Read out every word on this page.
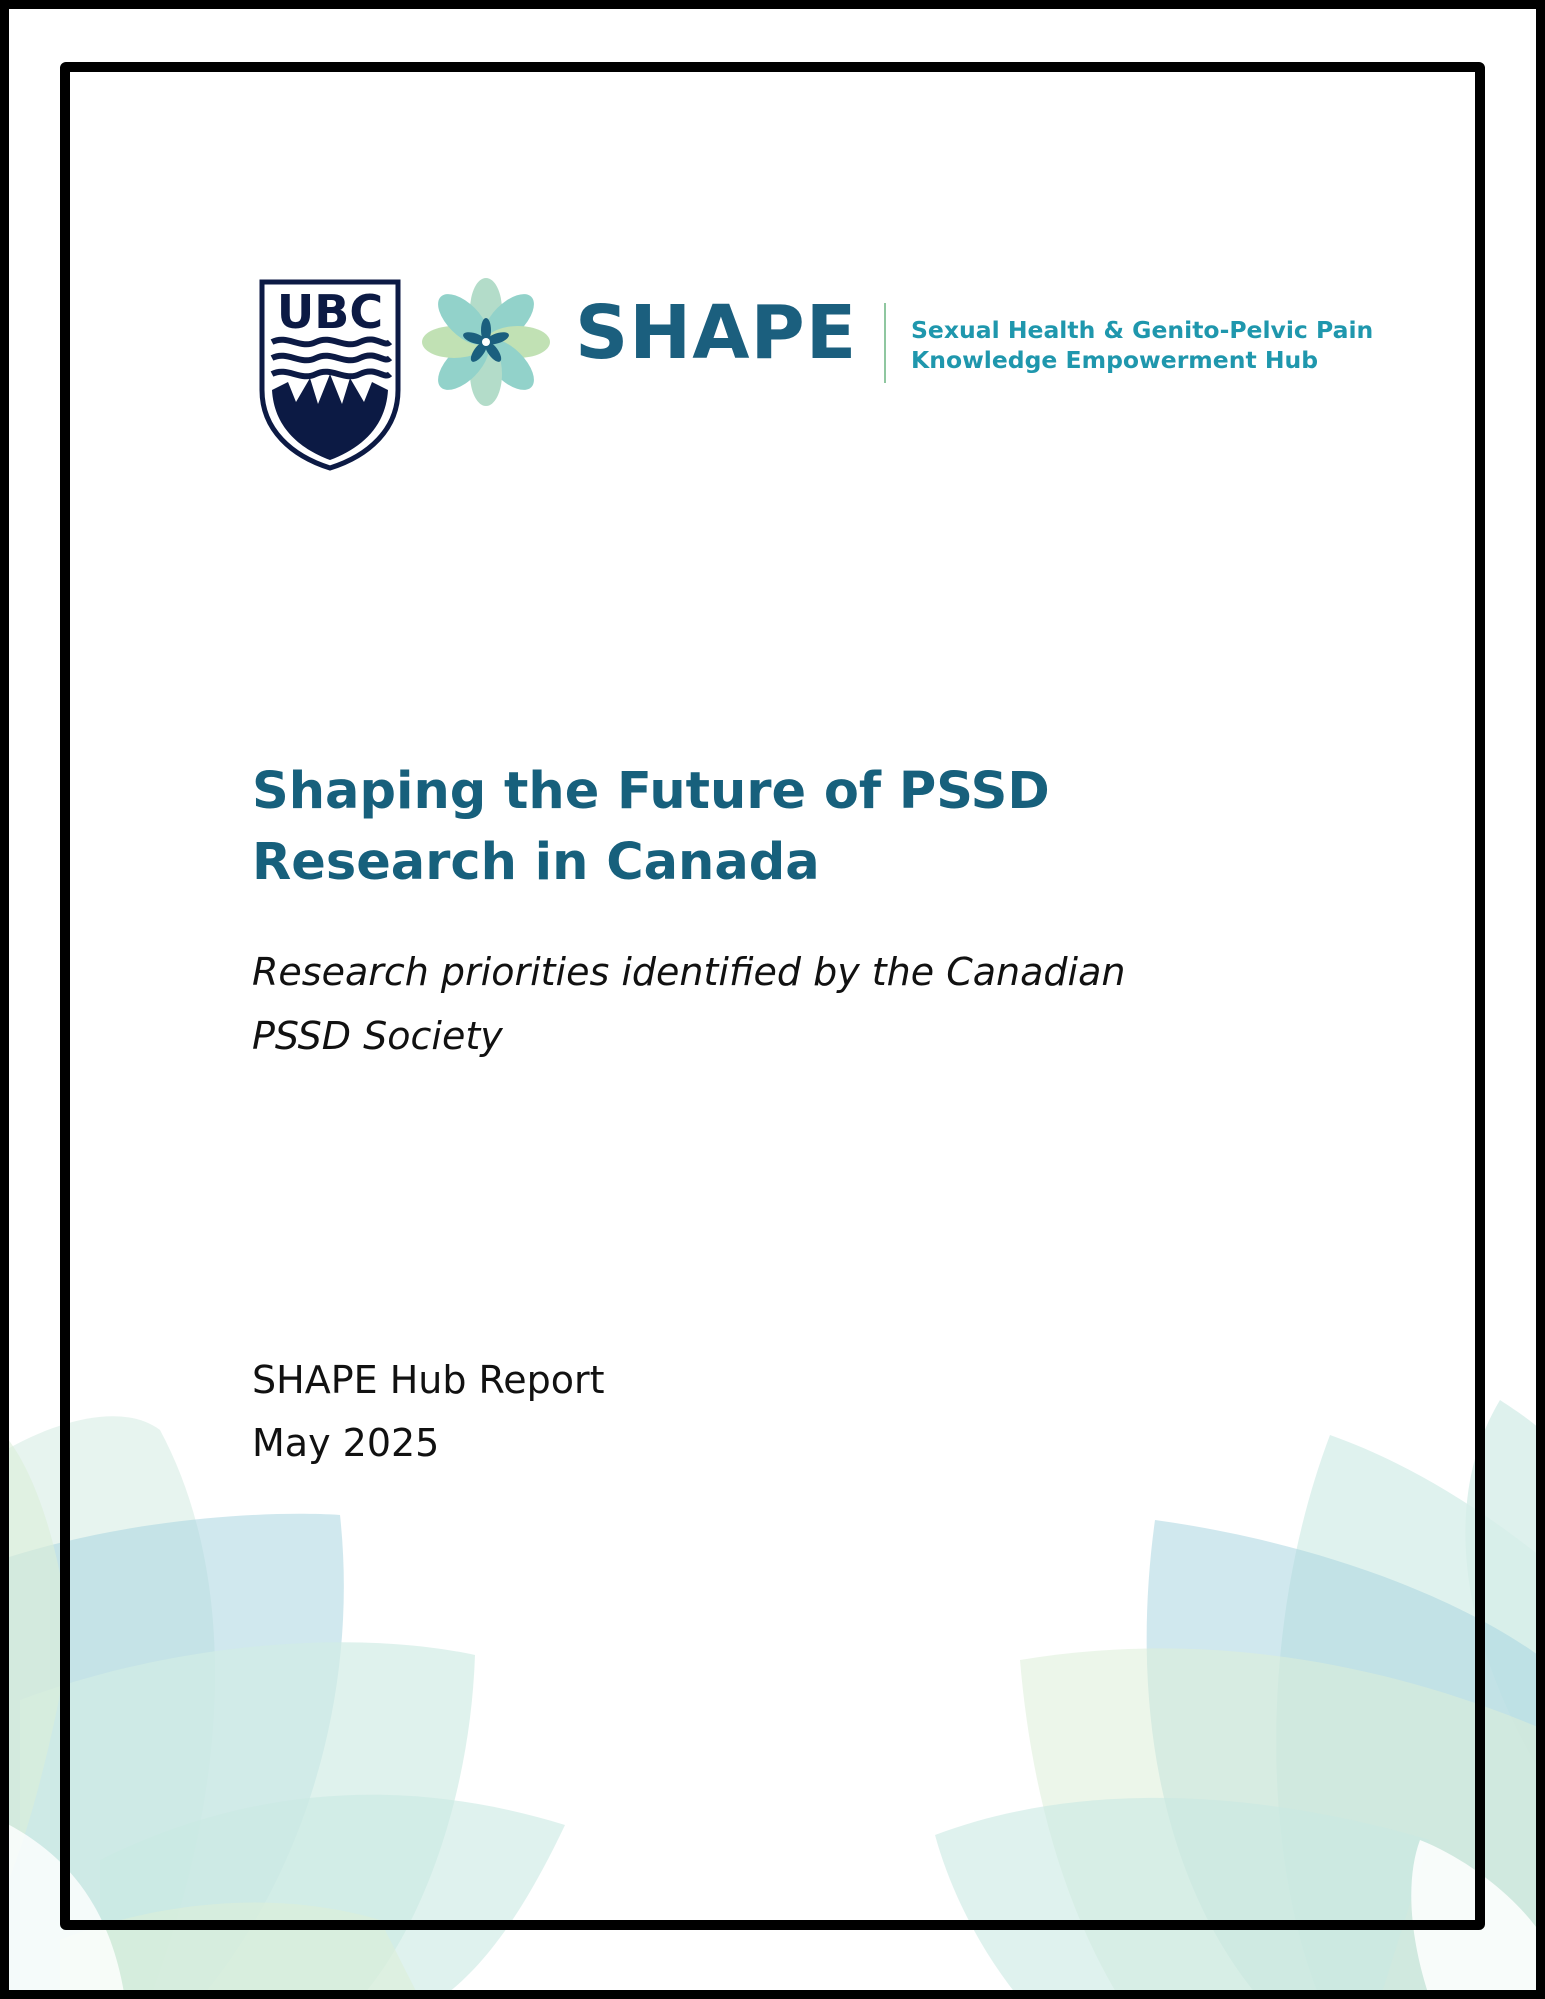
UBC	SHAPE Sexual Health & Genito-Pelvic Pain
Knowledge Empowerment Hub
Shaping the Future of PSSD
Research in Canada
Research priorities identified by the Canadian
PSSD Society
SHAPE Hub Report
May 2025
